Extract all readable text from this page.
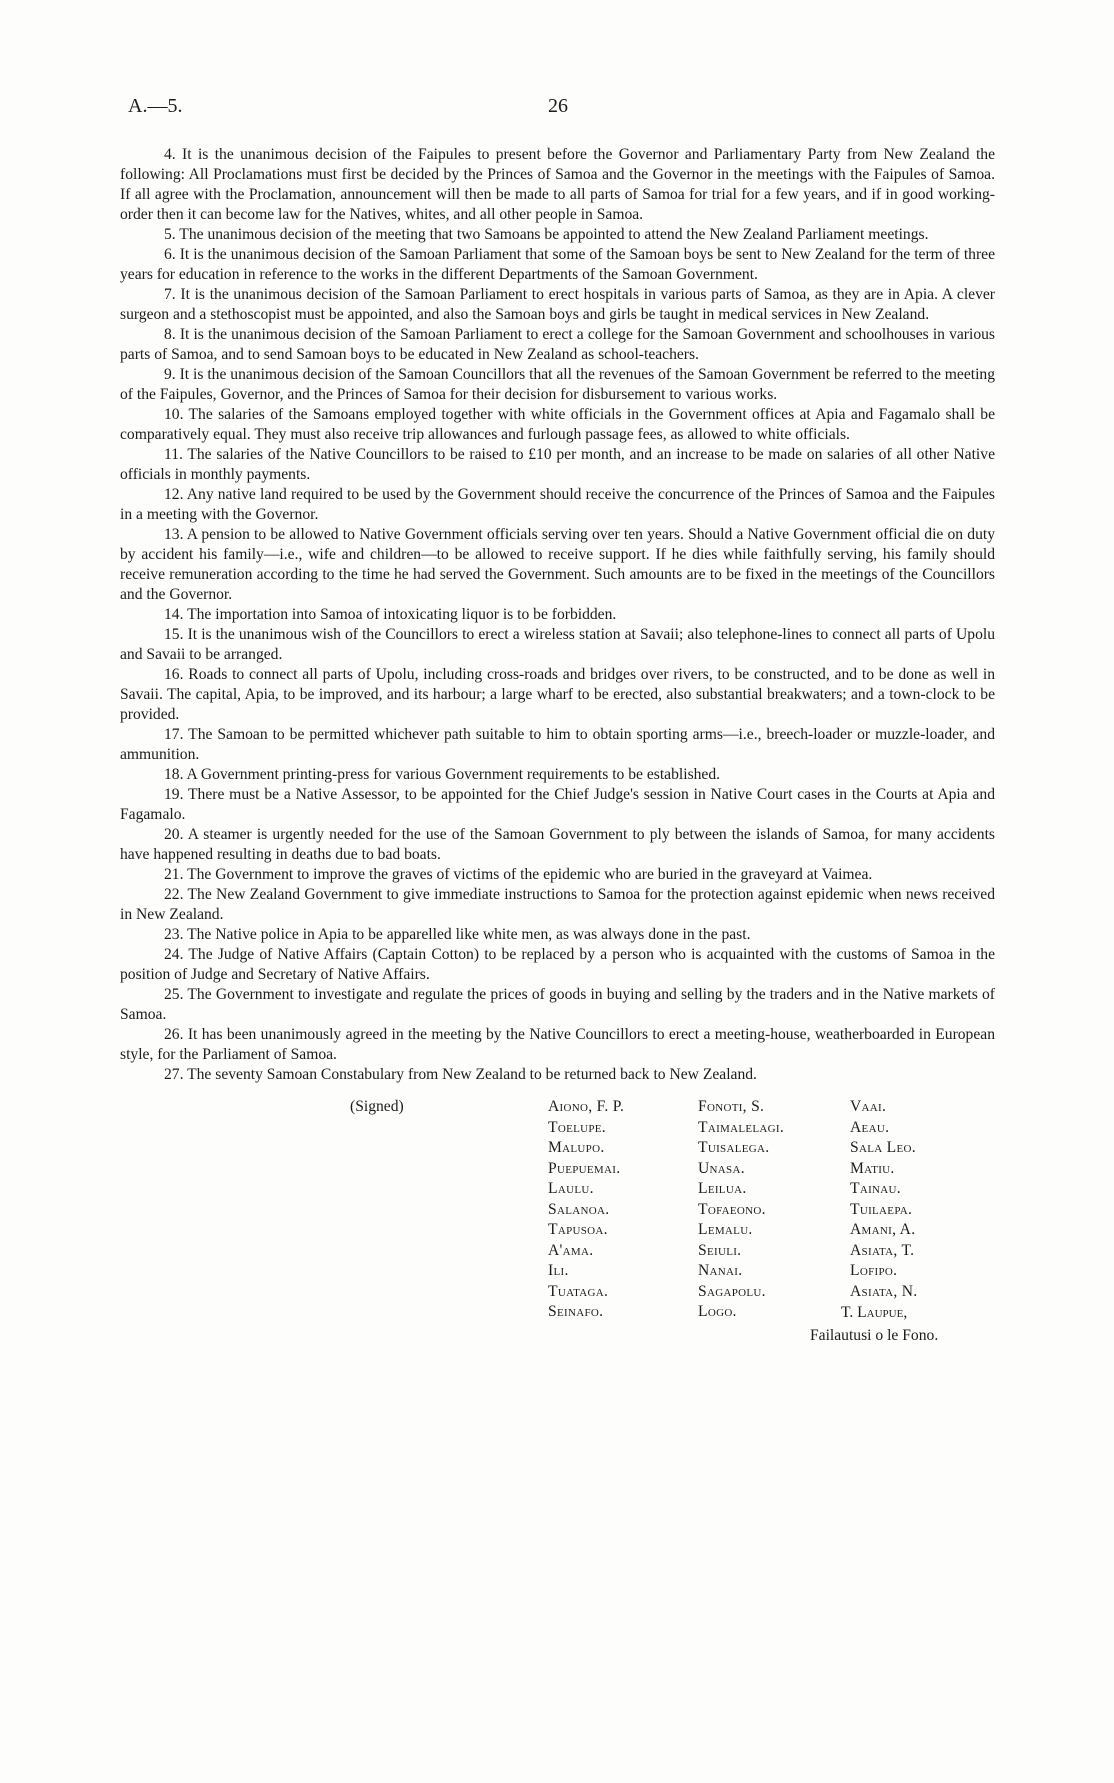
A.—5.	26

4. It is the unanimous decision of the Faipules to present before the Governor and Parliamentary Party from New Zealand the following: All Proclamations must first be decided by the Princes of Samoa and the Governor in the meetings with the Faipules of Samoa. If all agree with the Proclamation, announcement will then be made to all parts of Samoa for trial for a few years, and if in good working-order then it can become law for the Natives, whites, and all other people in Samoa.

5. The unanimous decision of the meeting that two Samoans be appointed to attend the New Zealand Parliament meetings.

6. It is the unanimous decision of the Samoan Parliament that some of the Samoan boys be sent to New Zealand for the term of three years for education in reference to the works in the different Departments of the Samoan Government.

7. It is the unanimous decision of the Samoan Parliament to erect hospitals in various parts of Samoa, as they are in Apia. A clever surgeon and a stethoscopist must be appointed, and also the Samoan boys and girls be taught in medical services in New Zealand.

8. It is the unanimous decision of the Samoan Parliament to erect a college for the Samoan Government and schoolhouses in various parts of Samoa, and to send Samoan boys to be educated in New Zealand as school-teachers.

9. It is the unanimous decision of the Samoan Councillors that all the revenues of the Samoan Government be referred to the meeting of the Faipules, Governor, and the Princes of Samoa for their decision for disbursement to various works.

10. The salaries of the Samoans employed together with white officials in the Government offices at Apia and Fagamalo shall be comparatively equal. They must also receive trip allowances and furlough passage fees, as allowed to white officials.

11. The salaries of the Native Councillors to be raised to £10 per month, and an increase to be made on salaries of all other Native officials in monthly payments.

12. Any native land required to be used by the Government should receive the concurrence of the Princes of Samoa and the Faipules in a meeting with the Governor.

13. A pension to be allowed to Native Government officials serving over ten years. Should a Native Government official die on duty by accident his family—i.e., wife and children—to be allowed to receive support. If he dies while faithfully serving, his family should receive remuneration according to the time he had served the Government. Such amounts are to be fixed in the meetings of the Councillors and the Governor.

14. The importation into Samoa of intoxicating liquor is to be forbidden.

15. It is the unanimous wish of the Councillors to erect a wireless station at Savaii; also telephone-lines to connect all parts of Upolu and Savaii to be arranged.

16. Roads to connect all parts of Upolu, including cross-roads and bridges over rivers, to be constructed, and to be done as well in Savaii. The capital, Apia, to be improved, and its harbour; a large wharf to be erected, also substantial breakwaters; and a town-clock to be provided.

17. The Samoan to be permitted whichever path suitable to him to obtain sporting arms—i.e., breech-loader or muzzle-loader, and ammunition.

18. A Government printing-press for various Government requirements to be established.

19. There must be a Native Assessor, to be appointed for the Chief Judge's session in Native Court cases in the Courts at Apia and Fagamalo.

20. A steamer is urgently needed for the use of the Samoan Government to ply between the islands of Samoa, for many accidents have happened resulting in deaths due to bad boats.

21. The Government to improve the graves of victims of the epidemic who are buried in the graveyard at Vaimea.

22. The New Zealand Government to give immediate instructions to Samoa for the protection against epidemic when news received in New Zealand.

23. The Native police in Apia to be apparelled like white men, as was always done in the past.

24. The Judge of Native Affairs (Captain Cotton) to be replaced by a person who is acquainted with the customs of Samoa in the position of Judge and Secretary of Native Affairs.

25. The Government to investigate and regulate the prices of goods in buying and selling by the traders and in the Native markets of Samoa.

26. It has been unanimously agreed in the meeting by the Native Councillors to erect a meeting-house, weatherboarded in European style, for the Parliament of Samoa.

27. The seventy Samoan Constabulary from New Zealand to be returned back to New Zealand.

(Signed)	Aiono, F. P.
Toelupe.
Malupo.
Puepuemai.
Laulu.
Salanoa.
Tapusoa.
A'ama.
Ili.
Tuataga.
Seinafo.
Fonoti, S.
Taimalelagi.
Tuisalega.
Unasa.
Leilua.
Tofaeono.
Lemalu.
Seiuli.
Nanai.
Sagapolu.
Logo.
Vaai.
Aeau.
Sala Leo.
Matiu.
Tainau.
Tuilaepa.
Amani, A.
Asiata, T.
Lofipo.
Asiata, N.
T. Laupue,
Failautusi o le Fono.
